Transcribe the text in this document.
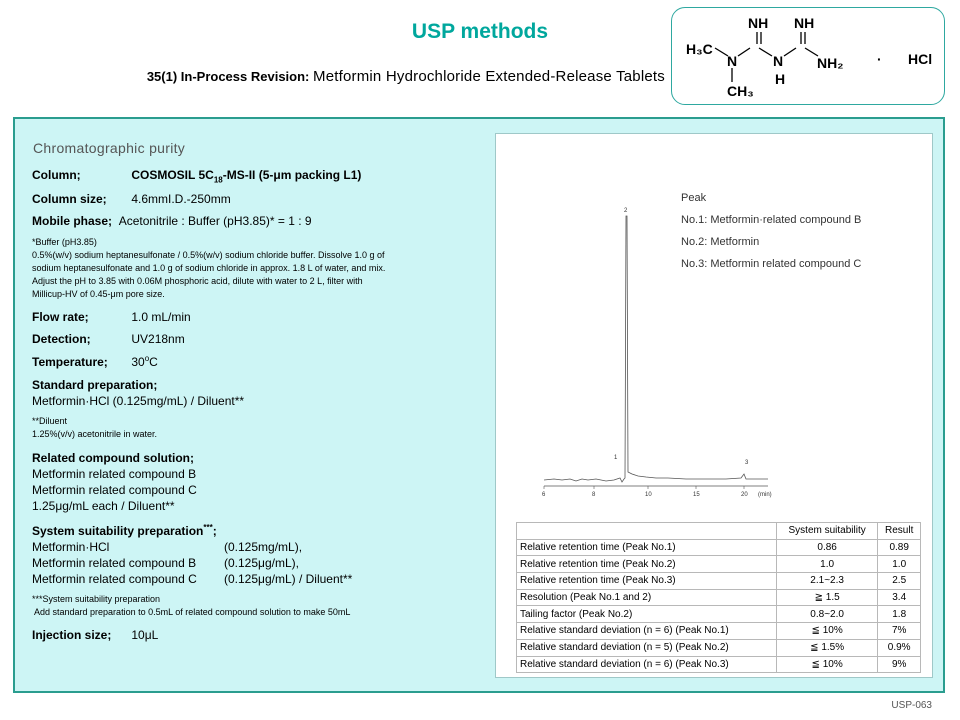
USP methods
35(1) In-Process Revision: Metformin Hydrochloride Extended-Release Tablets
NH NH
H₃C
N	N
H
NH₂
CH₃
· HCl
Chromatographic purity
Column;	COSMOSIL $5C_{18}-MS-II$ (5-μm packing L1)
Column size; 4.6mmI.D.-250mm
Mobile phase; Acetonitrile : Buffer (pH3.85)* = 1 : 9
*Buffer (pH3.85)
0.5%(w/v) sodium heptanesulfonate / 0.5%(w/v) sodium chloride buffer. Dissolve 1.0 g of
sodium heptanesulfonate and 1.0 g of sodium chloride in approx. 1.8 L of water, and mix.
Adjust the pH to 3.85 with 0.06M phosphoric acid, dilute with water to 2 L, filter with
Millicup-HV of 0.45-μm pore size.
Flow rate;	1.0 mL/min
Detection;	UV218nm
Temperature; 30$^o$C
Standard preparation;
Metformin·HCl (0.125mg/mL) / Diluent**
**Diluent
1.25%(v/v) acetonitrile in water.
Related compound solution;
Metformin related compound B
Metformin related compound C
1.25μg/mL each / Diluent**
System suitability preparation***;
Metformin·HCl	(0.125mg/mL),
Metformin related compound B	(0.125μg/mL),
Metformin related compound C	(0.125μg/mL) / Diluent**
***System suitability preparation
Add standard preparation to 0.5mL of related compound solution to make 50mL
Injection size; 10μL
6	8	10	15	20 (min)
1
2
3
Peak
No.1: Metformin·related compound B
No.2: Metformin
No.3: Metformin related compound C
	System suitability	Result
Relative retention time (Peak No.1)	0.86	0.89
Relative retention time (Peak No.2)	1.0	1.0
Relative retention time (Peak No.3)	2.1~2.3	2.5
Resolution (Peak No.1 and 2)	≧ 1.5	3.4
Tailing factor (Peak No.2)	0.8~2.0	1.8
Relative standard deviation (n = 6) (Peak No.1)	≦ 10%	7%
Relative standard deviation (n = 5) (Peak No.2)	≦ 1.5%	0.9%
Relative standard deviation (n = 6) (Peak No.3)	≦ 10%	9%
USP-063
